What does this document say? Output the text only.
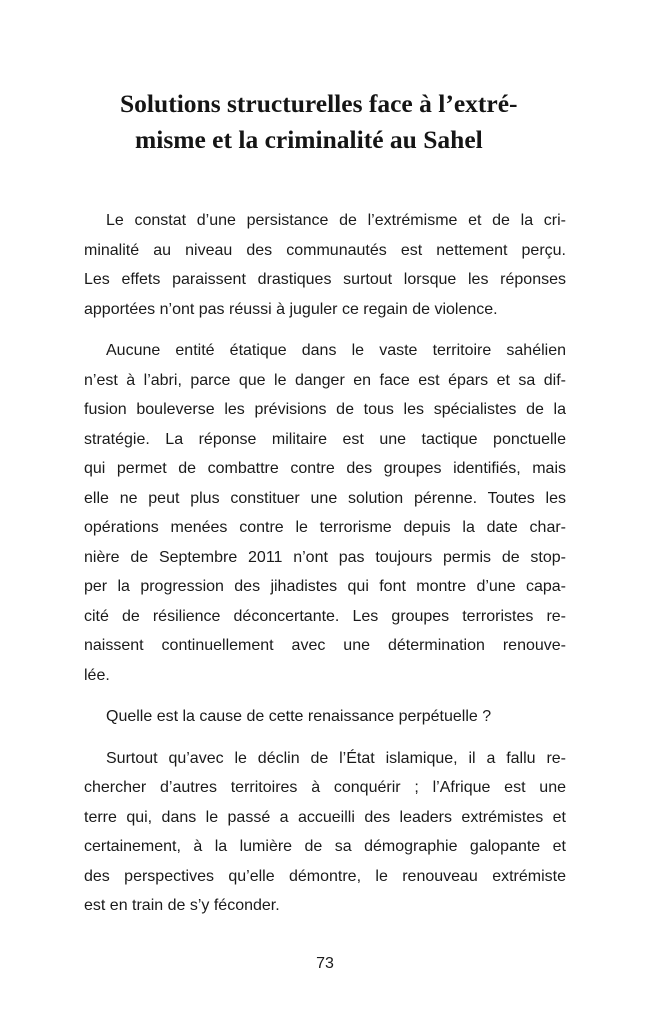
Solutions structurelles face à l’extré-
misme et la criminalité au Sahel
Le constat d’une persistance de l’extrémisme et de la cri-
minalité au niveau des communautés est nettement perçu.
Les effets paraissent drastiques surtout lorsque les réponses
apportées n’ont pas réussi à juguler ce regain de violence.
Aucune entité étatique dans le vaste territoire sahélien
n’est à l’abri, parce que le danger en face est épars et sa dif-
fusion bouleverse les prévisions de tous les spécialistes de la
stratégie. La réponse militaire est une tactique ponctuelle
qui permet de combattre contre des groupes identifiés, mais
elle ne peut plus constituer une solution pérenne. Toutes les
opérations menées contre le terrorisme depuis la date char-
nière de Septembre 2011 n’ont pas toujours permis de stop-
per la progression des jihadistes qui font montre d’une capa-
cité de résilience déconcertante. Les groupes terroristes re-
naissent continuellement avec une détermination renouve-
lée.
Quelle est la cause de cette renaissance perpétuelle ?
Surtout qu’avec le déclin de l’État islamique, il a fallu re-
chercher d’autres territoires à conquérir ; l’Afrique est une
terre qui, dans le passé a accueilli des leaders extrémistes et
certainement, à la lumière de sa démographie galopante et
des perspectives qu’elle démontre, le renouveau extrémiste
est en train de s’y féconder.
73
